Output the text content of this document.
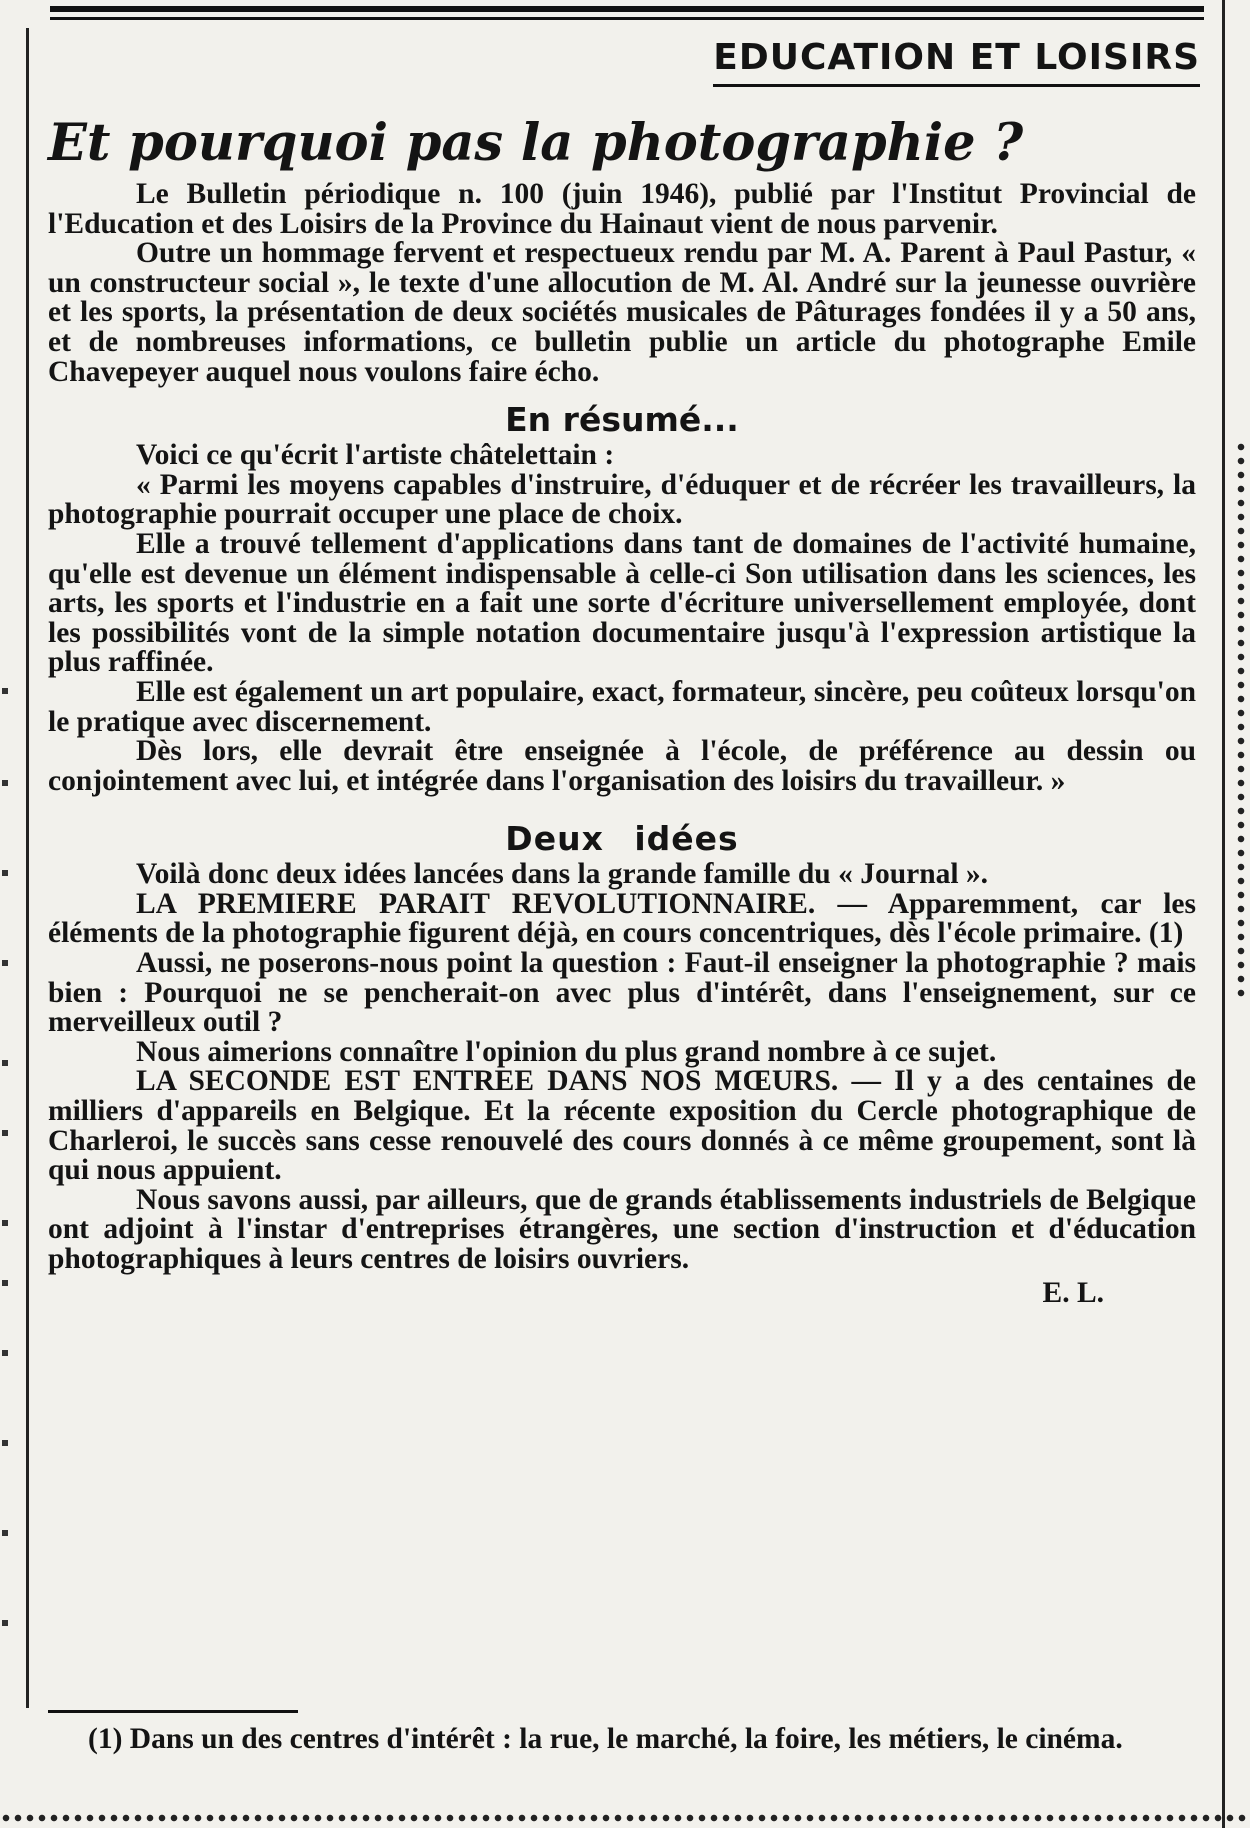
EDUCATION ET LOISIRS
Et pourquoi pas la photographie ?

Le Bulletin périodique n. 100 (juin 1946), publié par l'Institut Provincial de l'Education et des Loisirs de la Province du Hainaut vient de nous parvenir.

Outre un hommage fervent et respectueux rendu par M. A. Parent à Paul Pastur, « un constructeur social », le texte d'une allocution de M. Al. André sur la jeunesse ouvrière et les sports, la présentation de deux sociétés musicales de Pâturages fondées il y a 50 ans, et de nombreuses informations, ce bulletin publie un article du photographe Emile Chavepeyer auquel nous voulons faire écho.

En résumé...

Voici ce qu'écrit l'artiste châtelettain :

« Parmi les moyens capables d'instruire, d'éduquer et de récréer les travailleurs, la photographie pourrait occuper une place de choix.

Elle a trouvé tellement d'applications dans tant de domaines de l'activité humaine, qu'elle est devenue un élément indispensable à celle-ci Son utilisation dans les sciences, les arts, les sports et l'industrie en a fait une sorte d'écriture universellement employée, dont les possibilités vont de la simple notation documentaire jusqu'à l'expression artistique la plus raffinée.

Elle est également un art populaire, exact, formateur, sincère, peu coûteux lorsqu'on le pratique avec discernement.

Dès lors, elle devrait être enseignée à l'école, de préférence au dessin ou conjointement avec lui, et intégrée dans l'organisation des loisirs du travailleur. »

Deux idées

Voilà donc deux idées lancées dans la grande famille du « Journal ».

LA PREMIERE PARAIT REVOLUTIONNAIRE. — Apparemment, car les éléments de la photographie figurent déjà, en cours concentriques, dès l'école primaire. (1)

Aussi, ne poserons-nous point la question : Faut-il enseigner la photographie ? mais bien : Pourquoi ne se pencherait-on avec plus d'intérêt, dans l'enseignement, sur ce merveilleux outil ?

Nous aimerions connaître l'opinion du plus grand nombre à ce sujet.

LA SECONDE EST ENTREE DANS NOS MŒURS. — Il y a des centaines de milliers d'appareils en Belgique. Et la récente exposition du Cercle photographique de Charleroi, le succès sans cesse renouvelé des cours donnés à ce même groupement, sont là qui nous appuient.

Nous savons aussi, par ailleurs, que de grands établissements industriels de Belgique ont adjoint à l'instar d'entreprises étrangères, une section d'instruction et d'éducation photographiques à leurs centres de loisirs ouvriers.

E. L.

(1) Dans un des centres d'intérêt : la rue, le marché, la foire, les métiers, le cinéma.
